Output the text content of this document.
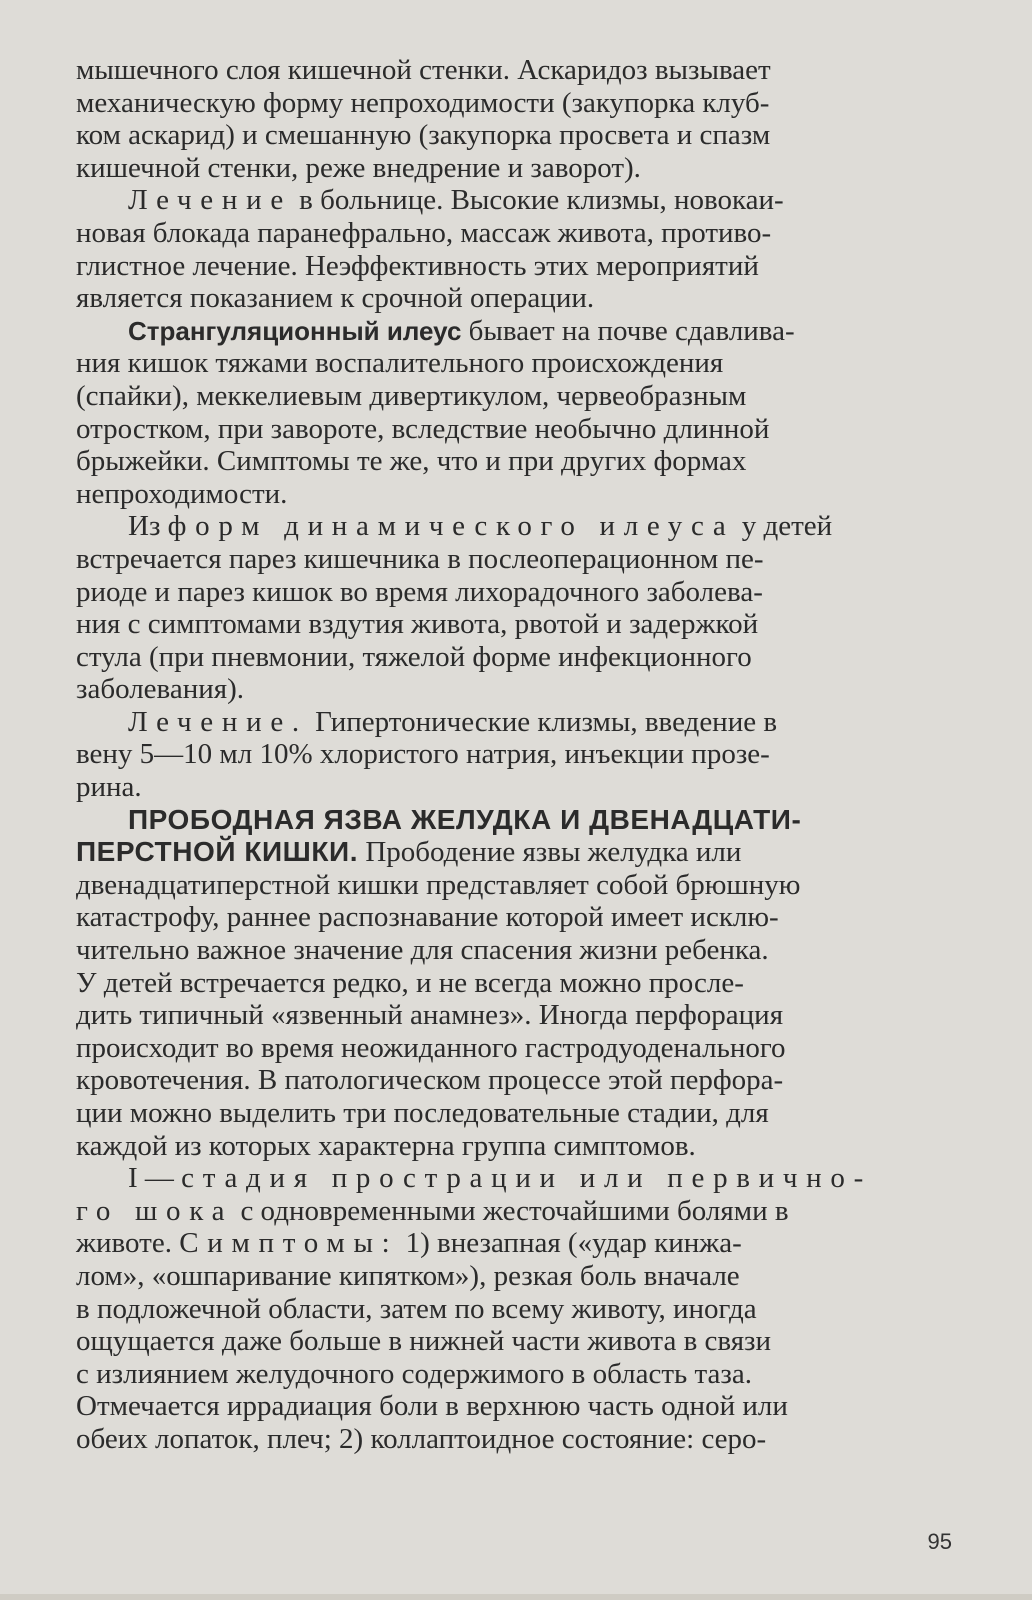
мышечного слоя кишечной стенки. Аскаридоз вызывает
механическую форму непроходимости (закупорка клуб-
ком аскарид) и смешанную (закупорка просвета и спазм
кишечной стенки, реже внедрение и заворот).
Лечение в больнице. Высокие клизмы, новокаи-
новая блокада паранефрально, массаж живота, противо-
глистное лечение. Неэффективность этих мероприятий
является показанием к срочной операции.
Странгуляционный илеус бывает на почве сдавлива-
ния кишок тяжами воспалительного происхождения
(спайки), меккелиевым дивертикулом, червеобразным
отростком, при завороте, вследствие необычно длинной
брыжейки. Симптомы те же, что и при других формах
непроходимости.
Из форм динамического илеуса у детей
встречается парез кишечника в послеоперационном пе-
риоде и парез кишок во время лихорадочного заболева-
ния с симптомами вздутия живота, рвотой и задержкой
стула (при пневмонии, тяжелой форме инфекционного
заболевания).
Лечение. Гипертонические клизмы, введение в
вену 5—10 мл 10% хлористого натрия, инъекции прозе-
рина.
ПРОБОДНАЯ ЯЗВА ЖЕЛУДКА И ДВЕНАДЦАТИ-
ПЕРСТНОЙ КИШКИ. Прободение язвы желудка или
двенадцатиперстной кишки представляет собой брюшную
катастрофу, раннее распознавание которой имеет исклю-
чительно важное значение для спасения жизни ребенка.
У детей встречается редко, и не всегда можно просле-
дить типичный «язвенный анамнез». Иногда перфорация
происходит во время неожиданного гастродуоденального
кровотечения. В патологическом процессе этой перфора-
ции можно выделить три последовательные стадии, для
каждой из которых характерна группа симптомов.
I — стадия прострации или первично-
го шока с одновременными жесточайшими болями в
животе. Симптомы: 1) внезапная («удар кинжа-
лом», «ошпаривание кипятком»), резкая боль вначале
в подложечной области, затем по всему животу, иногда
ощущается даже больше в нижней части живота в связи
с излиянием желудочного содержимого в область таза.
Отмечается иррадиация боли в верхнюю часть одной или
обеих лопаток, плеч; 2) коллаптоидное состояние: серо-
95
